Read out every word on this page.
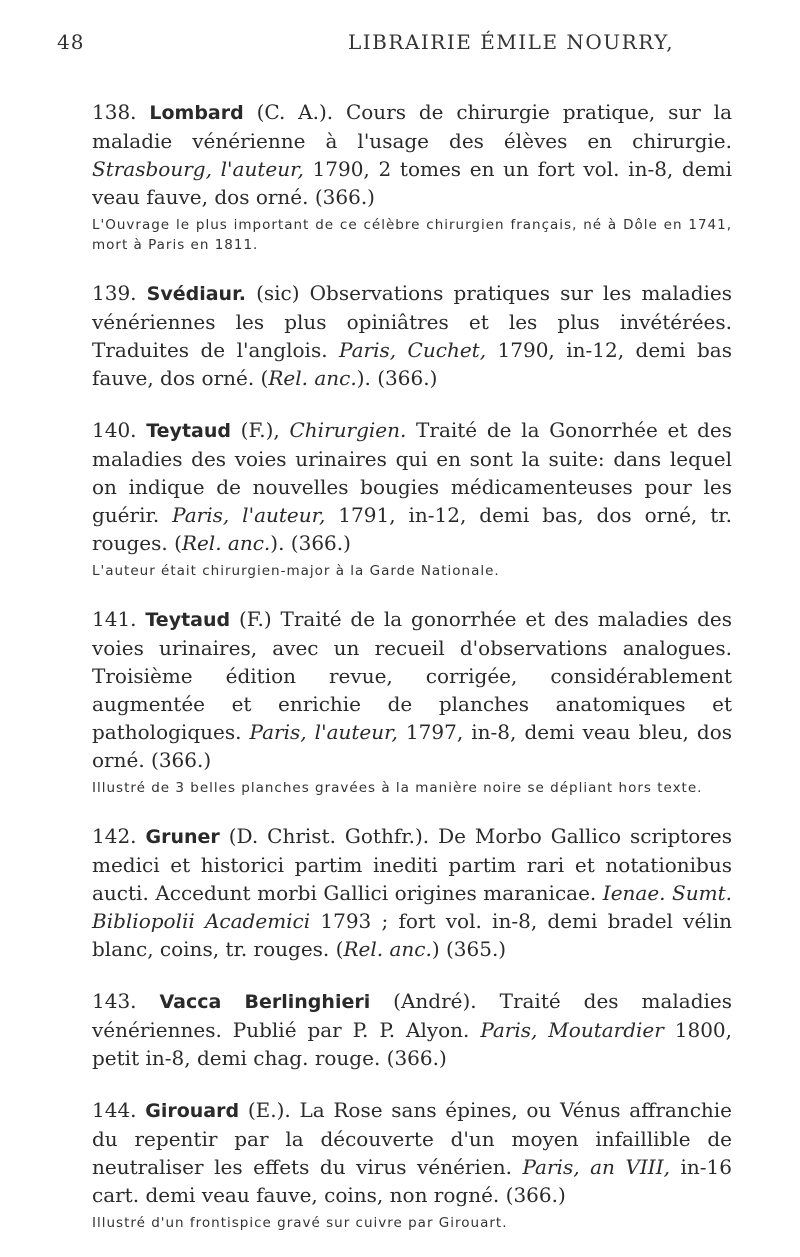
48	LIBRAIRIE ÉMILE NOURRY,

138. Lombard (C. A.). Cours de chirurgie pratique, sur la maladie vénérienne à l'usage des élèves en chirurgie. Strasbourg, l'auteur, 1790, 2 tomes en un fort vol. in-8, demi veau fauve, dos orné. (366.)

L'Ouvrage le plus important de ce célèbre chirurgien français, né à Dôle en 1741, mort à Paris en 1811.

139. Svédiaur. (sic) Observations pratiques sur les maladies vénériennes les plus opiniâtres et les plus invétérées. Traduites de l'anglois. Paris, Cuchet, 1790, in-12, demi bas fauve, dos orné. (Rel. anc.). (366.)

140. Teytaud (F.), Chirurgien. Traité de la Gonorrhée et des maladies des voies urinaires qui en sont la suite: dans lequel on indique de nouvelles bougies médicamenteuses pour les guérir. Paris, l'auteur, 1791, in-12, demi bas, dos orné, tr. rouges. (Rel. anc.). (366.)

L'auteur était chirurgien-major à la Garde Nationale.

141. Teytaud (F.) Traité de la gonorrhée et des maladies des voies urinaires, avec un recueil d'observations analogues. Troisième édition revue, corrigée, considérablement augmentée et enrichie de planches anatomiques et pathologiques. Paris, l'auteur, 1797, in-8, demi veau bleu, dos orné. (366.)

Illustré de 3 belles planches gravées à la manière noire se dépliant hors texte.

142. Gruner (D. Christ. Gothfr.). De Morbo Gallico scriptores medici et historici partim inediti partim rari et notationibus aucti. Accedunt morbi Gallici origines maranicae. Ienae. Sumt. Bibliopolii Academici 1793 ; fort vol. in-8, demi bradel vélin blanc, coins, tr. rouges. (Rel. anc.) (365.)

143. Vacca Berlinghieri (André). Traité des maladies vénériennes. Publié par P. P. Alyon. Paris, Moutardier 1800, petit in-8, demi chag. rouge. (366.)

144. Girouard (E.). La Rose sans épines, ou Vénus affranchie du repentir par la découverte d'un moyen infaillible de neutraliser les effets du virus vénérien. Paris, an VIII, in-16 cart. demi veau fauve, coins, non rogné. (366.)

Illustré d'un frontispice gravé sur cuivre par Girouart.
